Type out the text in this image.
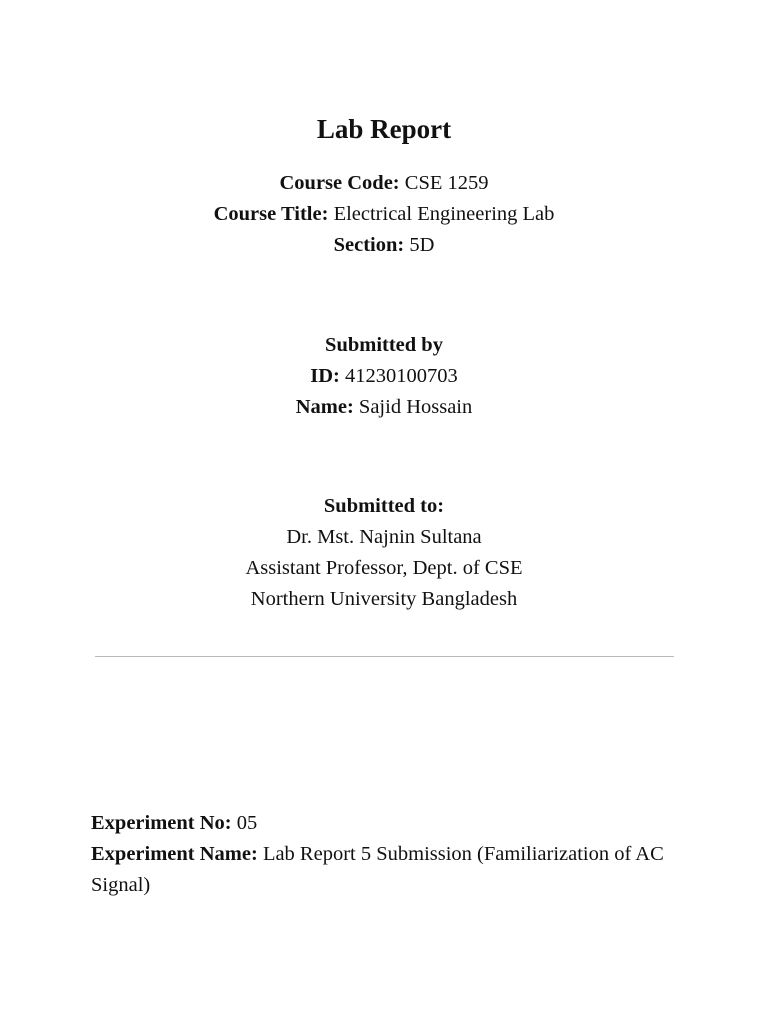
Lab Report
Course Code: CSE 1259
Course Title: Electrical Engineering Lab
Section: 5D
Submitted by
ID: 41230100703
Name: Sajid Hossain
Submitted to:
Dr. Mst. Najnin Sultana
Assistant Professor, Dept. of CSE
Northern University Bangladesh
Experiment No: 05
Experiment Name: Lab Report 5 Submission (Familiarization of AC Signal)
